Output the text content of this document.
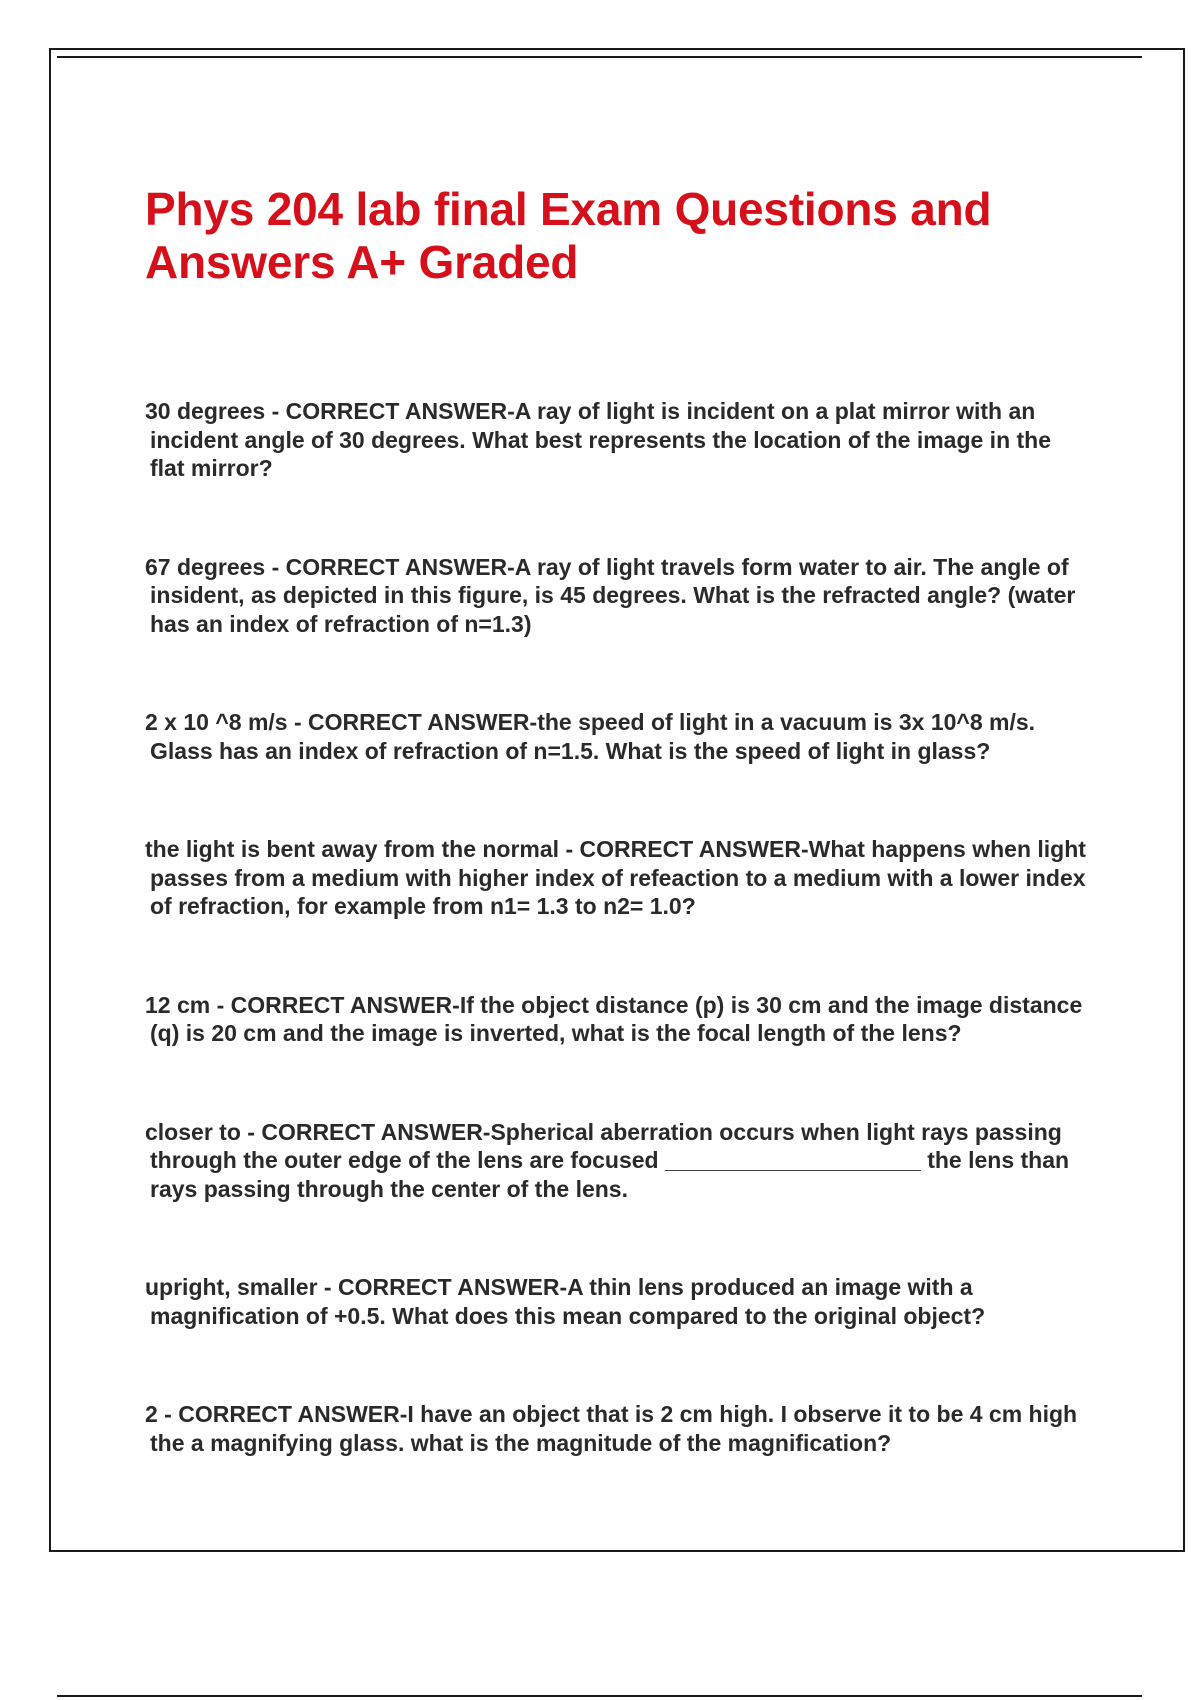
Phys 204 lab final Exam Questions and Answers A+ Graded

30 degrees - CORRECT ANSWER-A ray of light is incident on a plat mirror with an incident angle of 30 degrees. What best represents the location of the image in the flat mirror?

67 degrees - CORRECT ANSWER-A ray of light travels form water to air. The angle of insident, as depicted in this figure, is 45 degrees. What is the refracted angle? (water has an index of refraction of n=1.3)

2 x 10 ^8 m/s - CORRECT ANSWER-the speed of light in a vacuum is 3x 10^8 m/s. Glass has an index of refraction of n=1.5. What is the speed of light in glass?

the light is bent away from the normal - CORRECT ANSWER-What happens when light passes from a medium with higher index of refeaction to a medium with a lower index of refraction, for example from n1= 1.3 to n2= 1.0?

12 cm - CORRECT ANSWER-If the object distance (p) is 30 cm and the image distance (q) is 20 cm and the image is inverted, what is the focal length of the lens?

closer to - CORRECT ANSWER-Spherical aberration occurs when light rays passing through the outer edge of the lens are focused ____________________ the lens than rays passing through the center of the lens.

upright, smaller - CORRECT ANSWER-A thin lens produced an image with a magnification of +0.5. What does this mean compared to the original object?

2 - CORRECT ANSWER-I have an object that is 2 cm high. I observe it to be 4 cm high the a magnifying glass. what is the magnitude of the magnification?
